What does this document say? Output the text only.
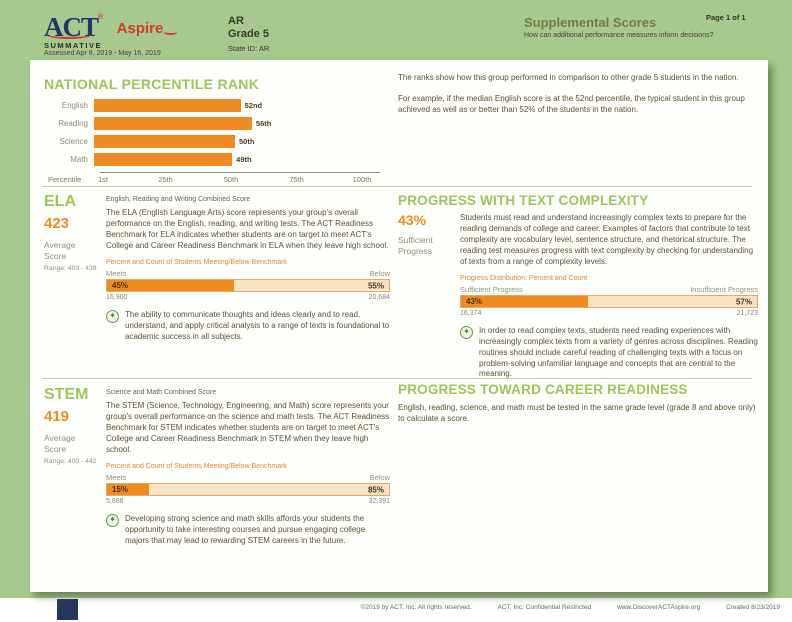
ACT®
Aspire
SUMMATIVE
Assessed Apr 8, 2019 - May 16, 2019
AR
Grade 5
State ID: AR
Supplemental Scores
How can additional performance measures inform decisions?
Page 1 of 1
NATIONAL PERCENTILE RANK
English	52nd
Reading	56th
Science	50th
Math	49th
Percentile 1st	25th	50th	75th	100th

The ranks show how this group performed in comparison to other grade 5 students in the nation.

For example, if the median English score is at the 52nd percentile, the typical student in this group achieved as well as or better than 52% of the students in the nation.

ELA
423
Average Score
Range: 403 - 439
English, Reading and Writing Combined Score
The ELA (English Language Arts) score represents your group's overall performance on the English, reading, and writing tests. The ACT Readiness Benchmark for ELA indicates whether students are on target to meet ACT's College and Career Readiness Benchmark in ELA when they leave high school.
Percent and Count of Students Meeting/Below Benchmark
Meets	Below
45%	55%
16,900	20,684
✦	The ability to communicate thoughts and ideas clearly and to read, understand, and apply critical analysis to a range of texts is foundational to academic success in all subjects.
PROGRESS WITH TEXT COMPLEXITY
43%
Sufficient Progress
Students must read and understand increasingly complex texts to prepare for the reading demands of college and career. Examples of factors that contribute to text complexity are vocabulary level, sentence structure, and rhetorical structure. The reading test measures progress with text complexity by checking for understanding of texts from a range of complexity levels.
Progress Distribution: Percent and Count
Sufficient Progress	Insufficient Progress
43%	57%
16,374	21,723
✦	In order to read complex texts, students need reading experiences with increasingly complex texts from a variety of genres across disciplines. Reading routines should include careful reading of challenging texts with a focus on problem-solving unfamiliar language and concepts that are central to the meaning.
STEM
419
Average Score
Range: 400 - 442
Science and Math Combined Score
The STEM (Science, Technology, Engineering, and Math) score represents your group's overall performance on the science and math tests. The ACT Readiness Benchmark for STEM indicates whether students are on target to meet ACT's College and Career Readiness Benchmark in STEM when they leave high school.
Percent and Count of Students Meeting/Below Benchmark
Meets	Below
15%	85%
5,688	32,391
✦	Developing strong science and math skills affords your students the opportunity to take interesting courses and pursue engaging college majors that may lead to rewarding STEM careers in the future.
PROGRESS TOWARD CAREER READINESS
English, reading, science, and math must be tested in the same grade level (grade 8 and above only) to calculate a score.
©2019 by ACT, Inc. All rights reserved.	ACT, Inc. Confidential Restricted	www.DiscoverACTAspire.org	Created 8/23/2019
